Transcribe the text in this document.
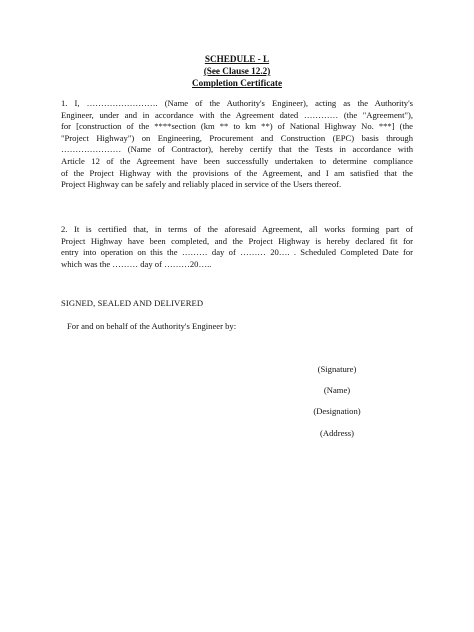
SCHEDULE - L
(See Clause 12.2)
Completion Certificate
1. I, ……………………. (Name of the Authority's Engineer), acting as the Authority's
Engineer, under and in accordance with the Agreement dated ………… (the "Agreement"),
for [construction of the ****section (km ** to km **) of National Highway No. ***] (the
"Project Highway") on Engineering, Procurement and Construction (EPC) basis through
………………… (Name of Contractor), hereby certify that the Tests in accordance with
Article 12 of the Agreement have been successfully undertaken to determine compliance
of the Project Highway with the provisions of the Agreement, and I am satisfied that the
Project Highway can be safely and reliably placed in service of the Users thereof.
2. It is certified that, in terms of the aforesaid Agreement, all works forming part of
Project Highway have been completed, and the Project Highway is hereby declared fit for
entry into operation on this the ……… day of ……… 20…. . Scheduled Completed Date for
which was the ……… day of ………20…..
SIGNED, SEALED AND DELIVERED
For and on behalf of the Authority's Engineer by:
(Signature)
(Name)
(Designation)
(Address)
